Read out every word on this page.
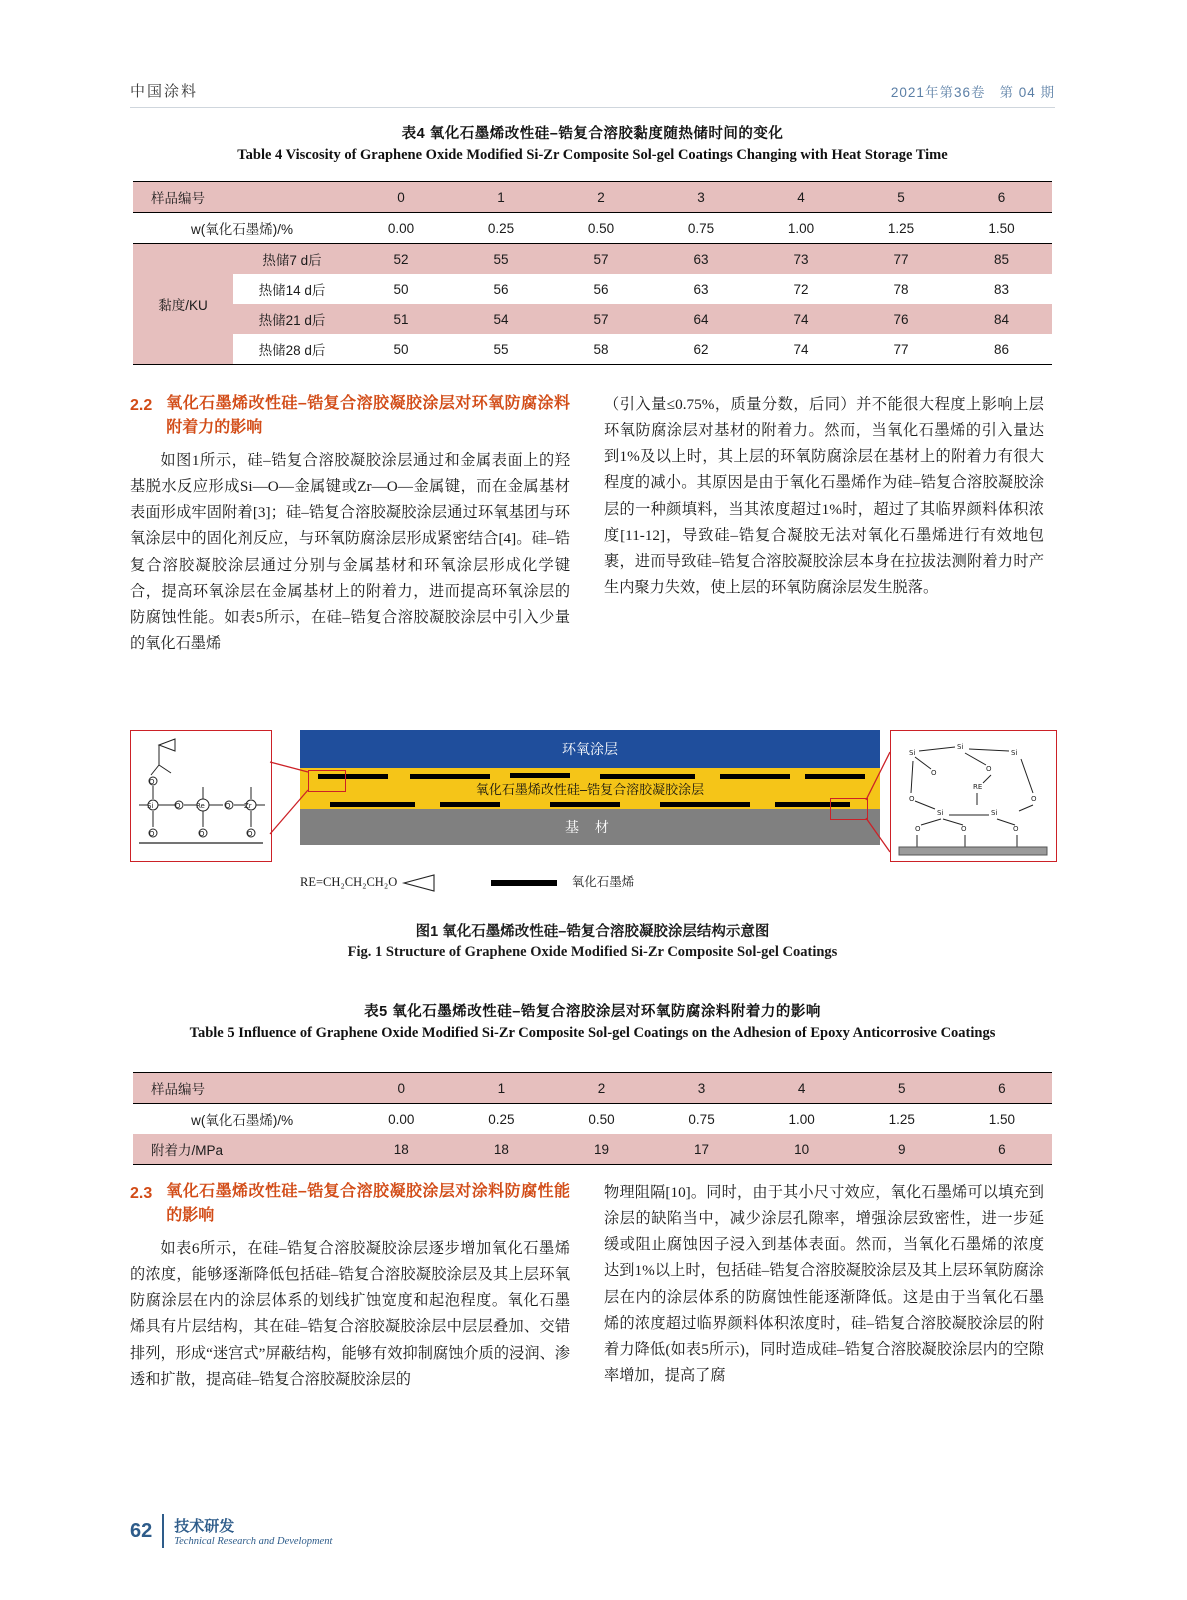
中国涂料	2021年第36卷 第 04 期
表4 氧化石墨烯改性硅–锆复合溶胶黏度随热储时间的变化
Table 4 Viscosity of Graphene Oxide Modified Si-Zr Composite Sol-gel Coatings Changing with Heat Storage Time
样品编号		0	1	2	3	4	5	6
w(氧化石墨烯)/%		0.00	0.25	0.50	0.75	1.00	1.25	1.50
黏度/KU	热储7 d后	52	55	57	63	73	77	85
	热储14 d后	50	56	56	63	72	78	83
	热储21 d后	51	54	57	64	74	76	84
	热储28 d后	50	55	58	62	74	77	86
2.2 氧化石墨烯改性硅–锆复合溶胶凝胶涂层对环氧防腐涂料附着力的影响

如图1所示，硅–锆复合溶胶凝胶涂层通过和金属表面上的羟基脱水反应形成Si—O—金属键或Zr—O—金属键，而在金属基材表面形成牢固附着[3]；硅–锆复合溶胶凝胶涂层通过环氧基团与环氧涂层中的固化剂反应，与环氧防腐涂层形成紧密结合[4]。硅–锆复合溶胶凝胶涂层通过分别与金属基材和环氧涂层形成化学键合，提高环氧涂层在金属基材上的附着力，进而提高环氧涂层的防腐蚀性能。如表5所示，在硅–锆复合溶胶凝胶涂层中引入少量的氧化石墨烯

（引入量≤0.75%，质量分数，后同）并不能很大程度上影响上层环氧防腐涂层对基材的附着力。然而，当氧化石墨烯的引入量达到1%及以上时，其上层的环氧防腐涂层在基材上的附着力有很大程度的减小。其原因是由于氧化石墨烯作为硅–锆复合溶胶凝胶涂层的一种颜填料，当其浓度超过1%时，超过了其临界颜料体积浓度[11-12]，导致硅–锆复合凝胶无法对氧化石墨烯进行有效地包裹，进而导致硅–锆复合溶胶凝胶涂层本身在拉拔法测附着力时产生内聚力失效，使上层的环氧防腐涂层发生脱落。

O
Si	O Re	O Zr
O	O	O
环氧涂层
氧化石墨烯改性硅–锆复合溶胶凝胶涂层
基 材
Si
Si
Si
O	O
RE
O	O
Si	Si
O	O	O
RE=CH₂CH₂CH₂O	氧化石墨烯
图1 氧化石墨烯改性硅–锆复合溶胶凝胶涂层结构示意图
Fig. 1 Structure of Graphene Oxide Modified Si-Zr Composite Sol-gel Coatings
表5 氧化石墨烯改性硅–锆复合溶胶涂层对环氧防腐涂料附着力的影响
Table 5 Influence of Graphene Oxide Modified Si-Zr Composite Sol-gel Coatings on the Adhesion of Epoxy Anticorrosive Coatings
样品编号	0	1	2	3	4	5	6
w(氧化石墨烯)/%	0.00	0.25	0.50	0.75	1.00	1.25	1.50
附着力/MPa	18	18	19	17	10	9	6
2.3 氧化石墨烯改性硅–锆复合溶胶凝胶涂层对涂料防腐性能的影响

如表6所示，在硅–锆复合溶胶凝胶涂层逐步增加氧化石墨烯的浓度，能够逐渐降低包括硅–锆复合溶胶凝胶涂层及其上层环氧防腐涂层在内的涂层体系的划线扩蚀宽度和起泡程度。氧化石墨烯具有片层结构，其在硅–锆复合溶胶凝胶涂层中层层叠加、交错排列，形成“迷宫式”屏蔽结构，能够有效抑制腐蚀介质的浸润、渗透和扩散，提高硅–锆复合溶胶凝胶涂层的

物理阻隔[10]。同时，由于其小尺寸效应，氧化石墨烯可以填充到涂层的缺陷当中，减少涂层孔隙率，增强涂层致密性，进一步延缓或阻止腐蚀因子浸入到基体表面。然而，当氧化石墨烯的浓度达到1%以上时，包括硅–锆复合溶胶凝胶涂层及其上层环氧防腐涂层在内的涂层体系的防腐蚀性能逐渐降低。这是由于当氧化石墨烯的浓度超过临界颜料体积浓度时，硅–锆复合溶胶凝胶涂层的附着力降低(如表5所示)，同时造成硅–锆复合溶胶凝胶涂层内的空隙率增加，提高了腐

62 技术研发
Technical Research and Development
